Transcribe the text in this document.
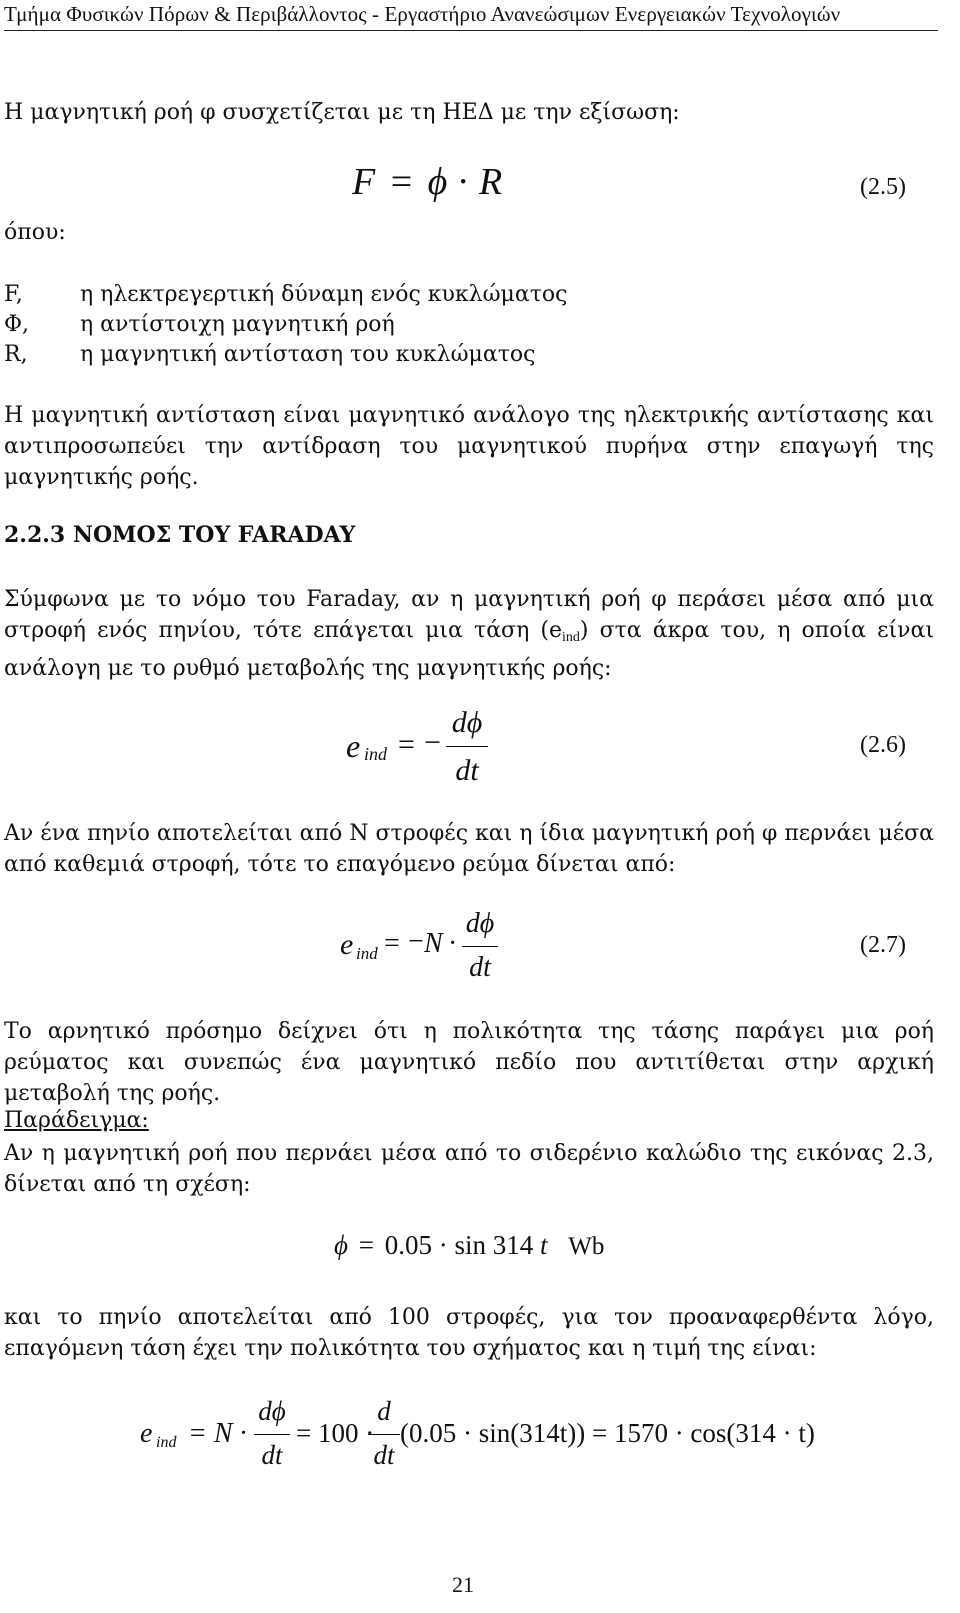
Τμήμα Φυσικών Πόρων & Περιβάλλοντος - Εργαστήριο Ανανεώσιμων Ενεργειακών Τεχνολογιών
Η μαγνητική ροή φ συσχετίζεται με τη ΗΕΔ με την εξίσωση:
F = ϕ · R	(2.5)
όπου:
F,	η ηλεκτρεγερτική δύναμη ενός κυκλώματος
Φ, η αντίστοιχη μαγνητική ροή
R, η μαγνητική αντίσταση του κυκλώματος
Η μαγνητική αντίσταση είναι μαγνητικό ανάλογο της ηλεκτρικής αντίστασης και αντιπροσωπεύει την αντίδραση του μαγνητικού πυρήνα στην επαγωγή της μαγνητικής ροής.
2.2.3 ΝΟΜΟΣ ΤΟΥ FARADAY
Σύμφωνα με το νόμο του Faraday, αν η μαγνητική ροή φ περάσει μέσα από μια στροφή ενός πηνίου, τότε επάγεται μια τάση $(e_{ind})$ στα άκρα του, η οποία είναι ανάλογη με το ρυθμό μεταβολής της μαγνητικής ροής:
e ind = −
dϕ
dt
(2.6)
Αν ένα πηνίο αποτελείται από N στροφές και η ίδια μαγνητική ροή φ περνάει μέσα από καθεμιά στροφή, τότε το επαγόμενο ρεύμα δίνεται από:
e ind = − N ·
dϕ
dt
(2.7)
Το αρνητικό πρόσημο δείχνει ότι η πολικότητα της τάσης παράγει μια ροή ρεύματος και συνεπώς ένα μαγνητικό πεδίο που αντιτίθεται στην αρχική μεταβολή της ροής.
Παράδειγμα:
Αν η μαγνητική ροή που περνάει μέσα από το σιδερένιο καλώδιο της εικόνας 2.3, δίνεται από τη σχέση:
ϕ = 0.05 · sin 314 t Wb
και το πηνίο αποτελείται από 100 στροφές, για τον προαναφερθέντα λόγο, επαγόμενη τάση έχει την πολικότητα του σχήματος και η τιμή της είναι:
e ind = N ·
dϕ
dt
= 100 ·
d
dt
(0.05 · sin(314t)) = 1570 · cos(314 · t)
21
